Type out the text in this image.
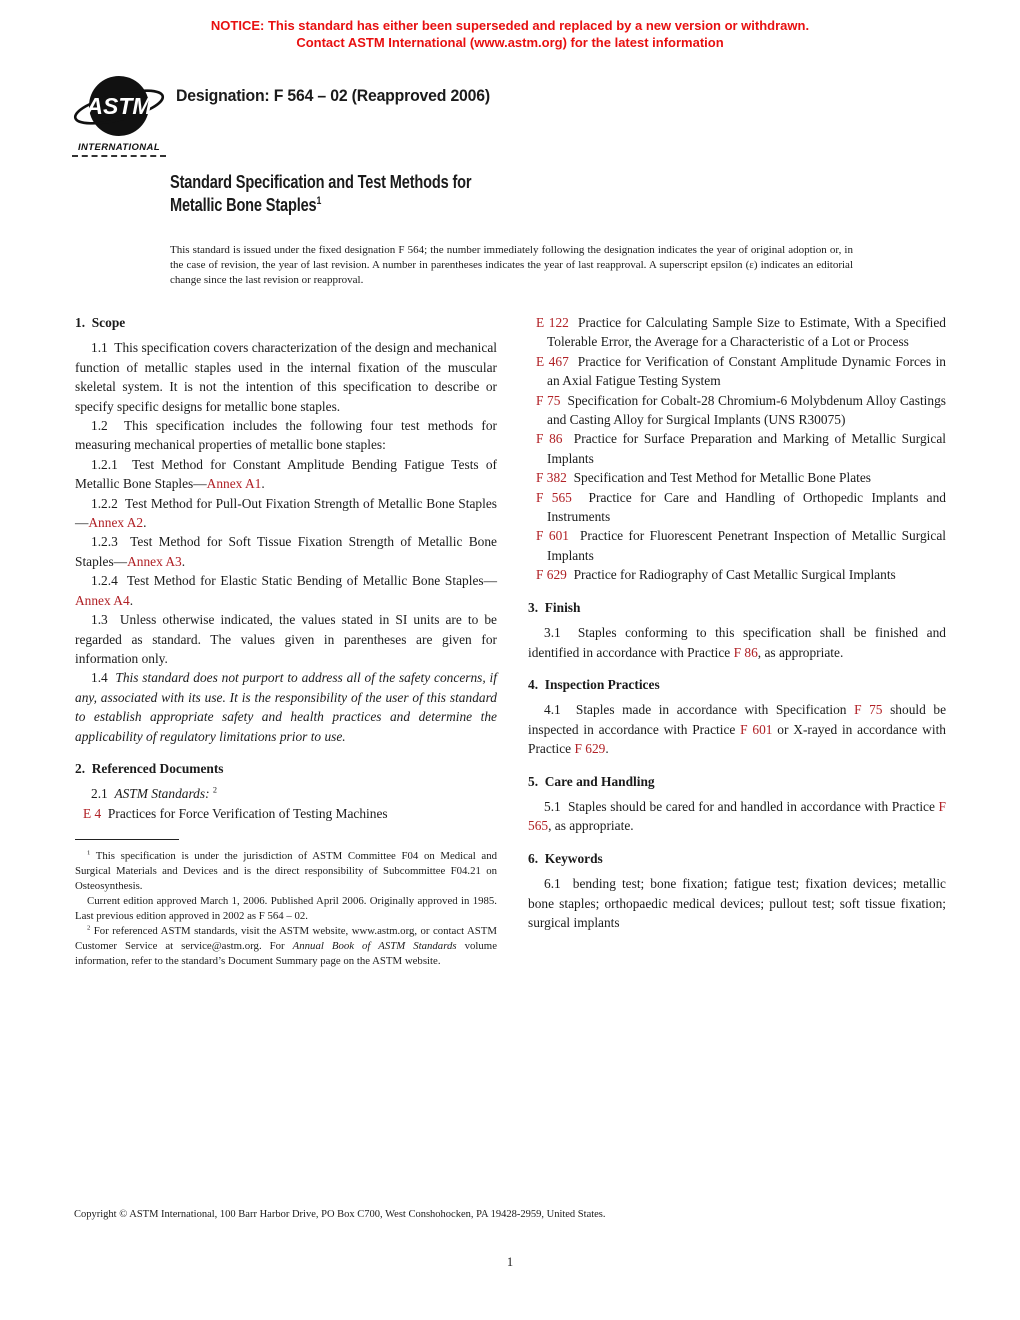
NOTICE: This standard has either been superseded and replaced by a new version or withdrawn.
Contact ASTM International (www.astm.org) for the latest information
ASTM
INTERNATIONAL
Designation: F 564 – 02 (Reapproved 2006)
Standard Specification and Test Methods for
Metallic Bone Staples$^1$
This standard is issued under the fixed designation F 564; the number immediately following the designation indicates the year of original adoption or, in the case of revision, the year of last revision. A number in parentheses indicates the year of last reapproval. A superscript epsilon (ε) indicates an editorial change since the last revision or reapproval.

1.  Scope

1.1  This specification covers characterization of the design and mechanical function of metallic staples used in the internal fixation of the muscular skeletal system. It is not the intention of this specification to describe or specify specific designs for metallic bone staples.

1.2  This specification includes the following four test methods for measuring mechanical properties of metallic bone staples:

1.2.1  Test Method for Constant Amplitude Bending Fatigue Tests of Metallic Bone Staples—Annex A1.

1.2.2  Test Method for Pull-Out Fixation Strength of Metallic Bone Staples—Annex A2.

1.2.3  Test Method for Soft Tissue Fixation Strength of Metallic Bone Staples—Annex A3.

1.2.4  Test Method for Elastic Static Bending of Metallic Bone Staples—Annex A4.

1.3  Unless otherwise indicated, the values stated in SI units are to be regarded as standard. The values given in parentheses are given for information only.

1.4  This standard does not purport to address all of the safety concerns, if any, associated with its use. It is the responsibility of the user of this standard to establish appropriate safety and health practices and determine the applicability of regulatory limitations prior to use.

2.  Referenced Documents

2.1  ASTM Standards: $^2$

E 4  Practices for Force Verification of Testing Machines

$^1$ This specification is under the jurisdiction of ASTM Committee F04 on Medical and Surgical Materials and Devices and is the direct responsibility of Subcommittee F04.21 on Osteosynthesis.

Current edition approved March 1, 2006. Published April 2006. Originally approved in 1985. Last previous edition approved in 2002 as F 564 – 02.

$^2$ For referenced ASTM standards, visit the ASTM website, www.astm.org, or contact ASTM Customer Service at service@astm.org. For Annual Book of ASTM Standards volume information, refer to the standard’s Document Summary page on the ASTM website.

E 122  Practice for Calculating Sample Size to Estimate, With a Specified Tolerable Error, the Average for a Characteristic of a Lot or Process

E 467  Practice for Verification of Constant Amplitude Dynamic Forces in an Axial Fatigue Testing System

F 75  Specification for Cobalt-28 Chromium-6 Molybdenum Alloy Castings and Casting Alloy for Surgical Implants (UNS R30075)

F 86  Practice for Surface Preparation and Marking of Metallic Surgical Implants

F 382  Specification and Test Method for Metallic Bone Plates

F 565  Practice for Care and Handling of Orthopedic Implants and Instruments

F 601  Practice for Fluorescent Penetrant Inspection of Metallic Surgical Implants

F 629  Practice for Radiography of Cast Metallic Surgical Implants

3.  Finish

3.1  Staples conforming to this specification shall be finished and identified in accordance with Practice F 86, as appropriate.

4.  Inspection Practices

4.1  Staples made in accordance with Specification F 75 should be inspected in accordance with Practice F 601 or X-rayed in accordance with Practice F 629.

5.  Care and Handling

5.1  Staples should be cared for and handled in accordance with Practice F 565, as appropriate.

6.  Keywords

6.1  bending test; bone fixation; fatigue test; fixation devices; metallic bone staples; orthopaedic medical devices; pullout test; soft tissue fixation; surgical implants

Copyright © ASTM International, 100 Barr Harbor Drive, PO Box C700, West Conshohocken, PA 19428-2959, United States.
1
